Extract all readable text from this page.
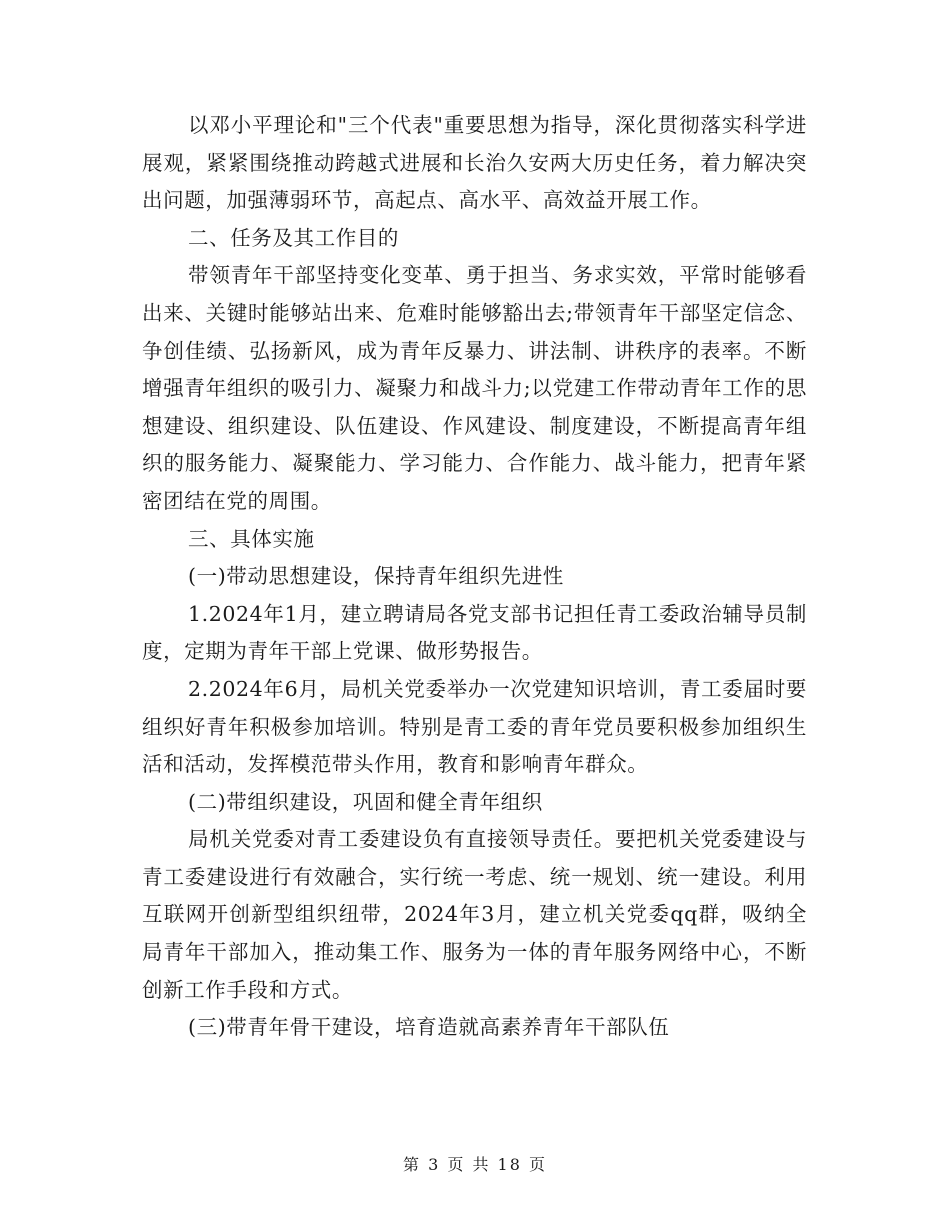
以邓小平理论和"三个代表"重要思想为指导，深化贯彻落实科学进展观，紧紧围绕推动跨越式进展和长治久安两大历史任务，着力解决突出问题，加强薄弱环节，高起点、高水平、高效益开展工作。

二、任务及其工作目的

带领青年干部坚持变化变革、勇于担当、务求实效，平常时能够看出来、关键时能够站出来、危难时能够豁出去;带领青年干部坚定信念、争创佳绩、弘扬新风，成为青年反暴力、讲法制、讲秩序的表率。不断增强青年组织的吸引力、凝聚力和战斗力;以党建工作带动青年工作的思想建设、组织建设、队伍建设、作风建设、制度建设，不断提高青年组织的服务能力、凝聚能力、学习能力、合作能力、战斗能力，把青年紧密团结在党的周围。

三、具体实施

(一)带动思想建设，保持青年组织先进性

1.2024年1月，建立聘请局各党支部书记担任青工委政治辅导员制度，定期为青年干部上党课、做形势报告。

2.2024年6月，局机关党委举办一次党建知识培训，青工委届时要组织好青年积极参加培训。特别是青工委的青年党员要积极参加组织生活和活动，发挥模范带头作用，教育和影响青年群众。

(二)带组织建设，巩固和健全青年组织

局机关党委对青工委建设负有直接领导责任。要把机关党委建设与青工委建设进行有效融合，实行统一考虑、统一规划、统一建设。利用互联网开创新型组织纽带，2024年3月，建立机关党委qq群，吸纳全局青年干部加入，推动集工作、服务为一体的青年服务网络中心，不断创新工作手段和方式。

(三)带青年骨干建设，培育造就高素养青年干部队伍

第 3 页 共 18 页
